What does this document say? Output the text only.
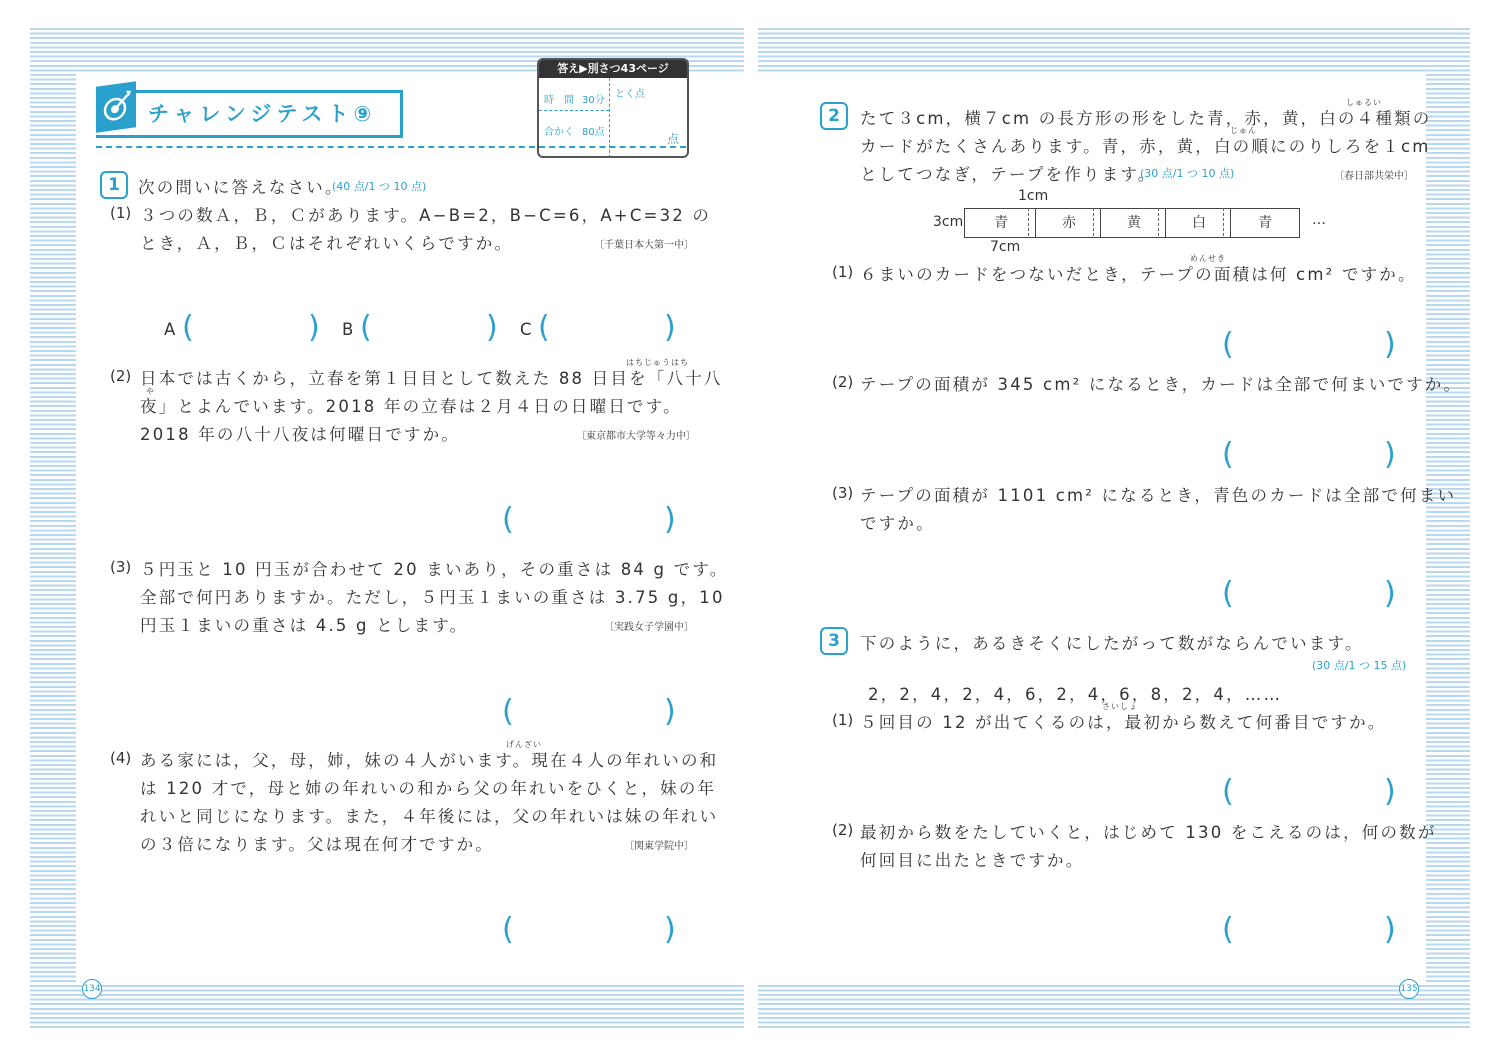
チャレンジテスト⑨
答え▶別さつ43ページ
時　間 30分
合かく 80点
とく点
点
1	次の問いに答えなさい。
(40 点/1 つ 10 点)
(1) ３つの数Ａ，Ｂ，Ｃがあります。A−B=2，B−C=6，A+C=32 の
とき，Ａ，Ｂ，Ｃはそれぞれいくらですか。	〔千葉日本大第一中〕
A (	) B (	) C (	)
(2)
はちじゅうはち
日本では古くから，立春を第１日目として数えた 88 日目を「八十八
や
夜」とよんでいます。2018 年の立春は２月４日の日曜日です。
2018 年の八十八夜は何曜日ですか。	〔東京都市大学等々力中〕
(	)
(3) ５円玉と 10 円玉が合わせて 20 まいあり，その重さは 84 g です。
全部で何円ありますか。ただし，５円玉１まいの重さは 3.75 g，10
円玉１まいの重さは 4.5 g とします。	〔実践女子学園中〕
(	)
(4)
げんざい
ある家には，父，母，姉，妹の４人がいます。現在４人の年れいの和
は 120 才で，母と姉の年れいの和から父の年れいをひくと，妹の年
れいと同じになります。また，４年後には，父の年れいは妹の年れい
の３倍になります。父は現在何才ですか。	〔関東学院中〕
(	)
2
しゅるい
たて３cm，横７cm の長方形の形をした青，赤，黄，白の４種類の
じゅん
カードがたくさんあります。青，赤，黄，白の順にのりしろを１cm
としてつなぎ，テープを作ります。
(30 点/1 つ 10 点)	〔春日部共栄中〕
1cm
3cm
7cm
青	赤	黄	白	青	…
(1)
めんせき
６まいのカードをつないだとき，テープの面積は何 cm² ですか。
(	)
(2) テープの面積が 345 cm² になるとき，カードは全部で何まいですか。
(	)
(3) テープの面積が 1101 cm² になるとき，青色のカードは全部で何まい
ですか。
(	)
3	下のように，あるきそくにしたがって数がならんでいます。
(30 点/1 つ 15 点)
2，2，4，2，4，6，2，4，6，8，2，4，……
(1)
さいしょ
５回目の 12 が出てくるのは，最初から数えて何番目ですか。
(	)
(2) 最初から数をたしていくと，はじめて 130 をこえるのは，何の数が
何回目に出たときですか。
(	)
134	135
